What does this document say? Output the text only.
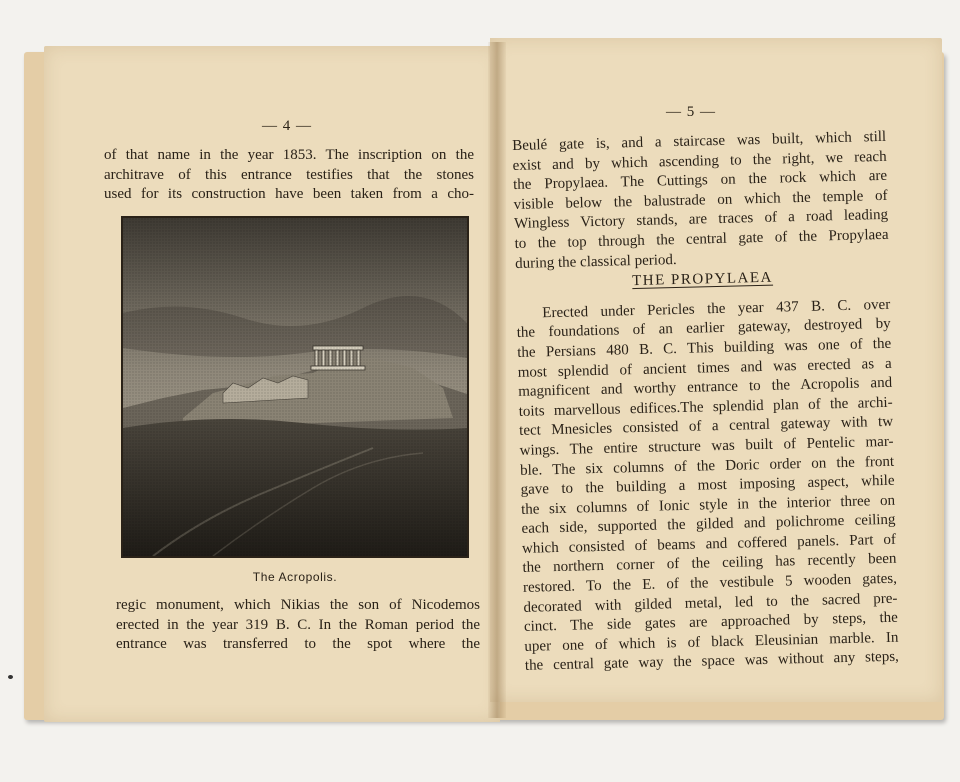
— 4 —
— 5 —
of that name in the year 1853. The inscription on the
architrave of this entrance testifies that the stones
used for its construction have been taken from a cho-
The Acropolis.
regic monument, which Nikias the son of Nicodemos
erected in the year 319 B. C. In the Roman period the
entrance was transferred to the spot where the
Beulé gate is, and a staircase was built, which still
exist and by which ascending to the right, we reach
the Propylaea. The Cuttings on the rock which are
visible below the balustrade on which the temple of
Wingless Victory stands, are traces of a road leading
to the top through the central gate of the Propylaea
during the classical period.
THE PROPYLAEA
Erected under Pericles the year 437 B. C. over
the foundations of an earlier gateway, destroyed by
the Persians 480 B. C. This building was one of the
most splendid of ancient times and was erected as a
magnificent and worthy entrance to the Acropolis and
toits marvellous edifices.The splendid plan of the archi-
tect Mnesicles consisted of a central gateway with tw
wings. The entire structure was built of Pentelic mar-
ble. The six columns of the Doric order on the front
gave to the building a most imposing aspect, while
the six columns of Ionic style in the interior three on
each side, supported the gilded and polichrome ceiling
which consisted of beams and coffered panels. Part of
the northern corner of the ceiling has recently been
restored. To the E. of the vestibule 5 wooden gates,
decorated with gilded metal, led to the sacred pre-
cinct. The side gates are approached by steps, the
uper one of which is of black Eleusinian marble. In
the central gate way the space was without any steps,
